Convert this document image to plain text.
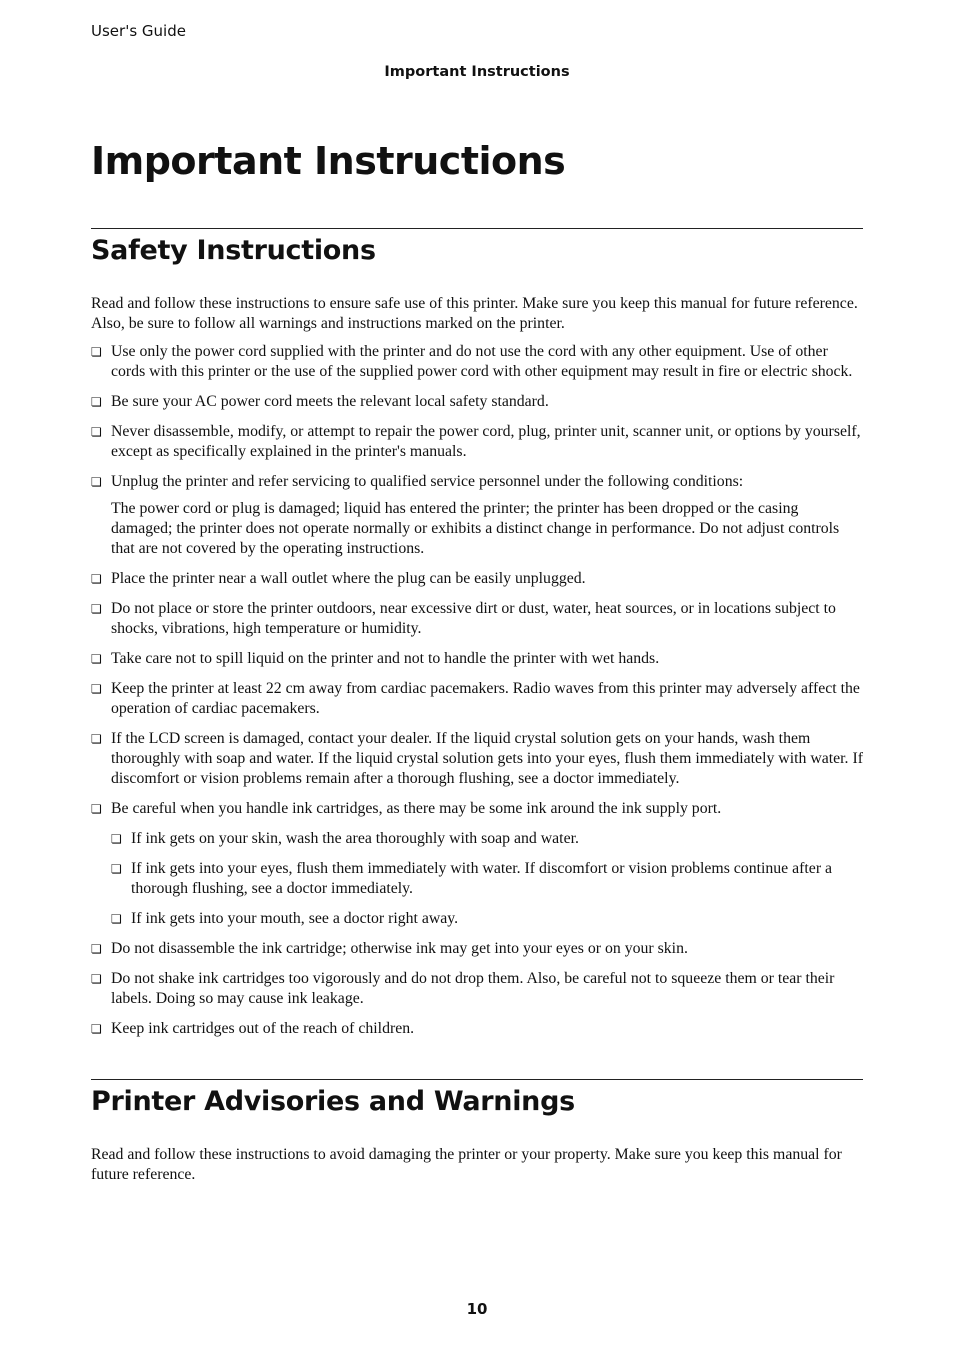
User's Guide
Important Instructions
Important Instructions
Safety Instructions

Read and follow these instructions to ensure safe use of this printer. Make sure you keep this manual for future reference. Also, be sure to follow all warnings and instructions marked on the printer.

❏ Use only the power cord supplied with the printer and do not use the cord with any other equipment. Use of other cords with this printer or the use of the supplied power cord with other equipment may result in fire or electric shock.
❏ Be sure your AC power cord meets the relevant local safety standard.
❏ Never disassemble, modify, or attempt to repair the power cord, plug, printer unit, scanner unit, or options by yourself, except as specifically explained in the printer's manuals.
❏ Unplug the printer and refer servicing to qualified service personnel under the following conditions:
The power cord or plug is damaged; liquid has entered the printer; the printer has been dropped or the casing damaged; the printer does not operate normally or exhibits a distinct change in performance. Do not adjust controls that are not covered by the operating instructions.
❏ Place the printer near a wall outlet where the plug can be easily unplugged.
❏ Do not place or store the printer outdoors, near excessive dirt or dust, water, heat sources, or in locations subject to shocks, vibrations, high temperature or humidity.
❏ Take care not to spill liquid on the printer and not to handle the printer with wet hands.
❏ Keep the printer at least 22 cm away from cardiac pacemakers. Radio waves from this printer may adversely affect the operation of cardiac pacemakers.
❏ If the LCD screen is damaged, contact your dealer. If the liquid crystal solution gets on your hands, wash them thoroughly with soap and water. If the liquid crystal solution gets into your eyes, flush them immediately with water. If discomfort or vision problems remain after a thorough flushing, see a doctor immediately.
❏ Be careful when you handle ink cartridges, as there may be some ink around the ink supply port.
❏ If ink gets on your skin, wash the area thoroughly with soap and water.
❏ If ink gets into your eyes, flush them immediately with water. If discomfort or vision problems continue after a thorough flushing, see a doctor immediately.
❏ If ink gets into your mouth, see a doctor right away.
❏ Do not disassemble the ink cartridge; otherwise ink may get into your eyes or on your skin.
❏ Do not shake ink cartridges too vigorously and do not drop them. Also, be careful not to squeeze them or tear their labels. Doing so may cause ink leakage.
❏ Keep ink cartridges out of the reach of children.
Printer Advisories and Warnings

Read and follow these instructions to avoid damaging the printer or your property. Make sure you keep this manual for future reference.

10
